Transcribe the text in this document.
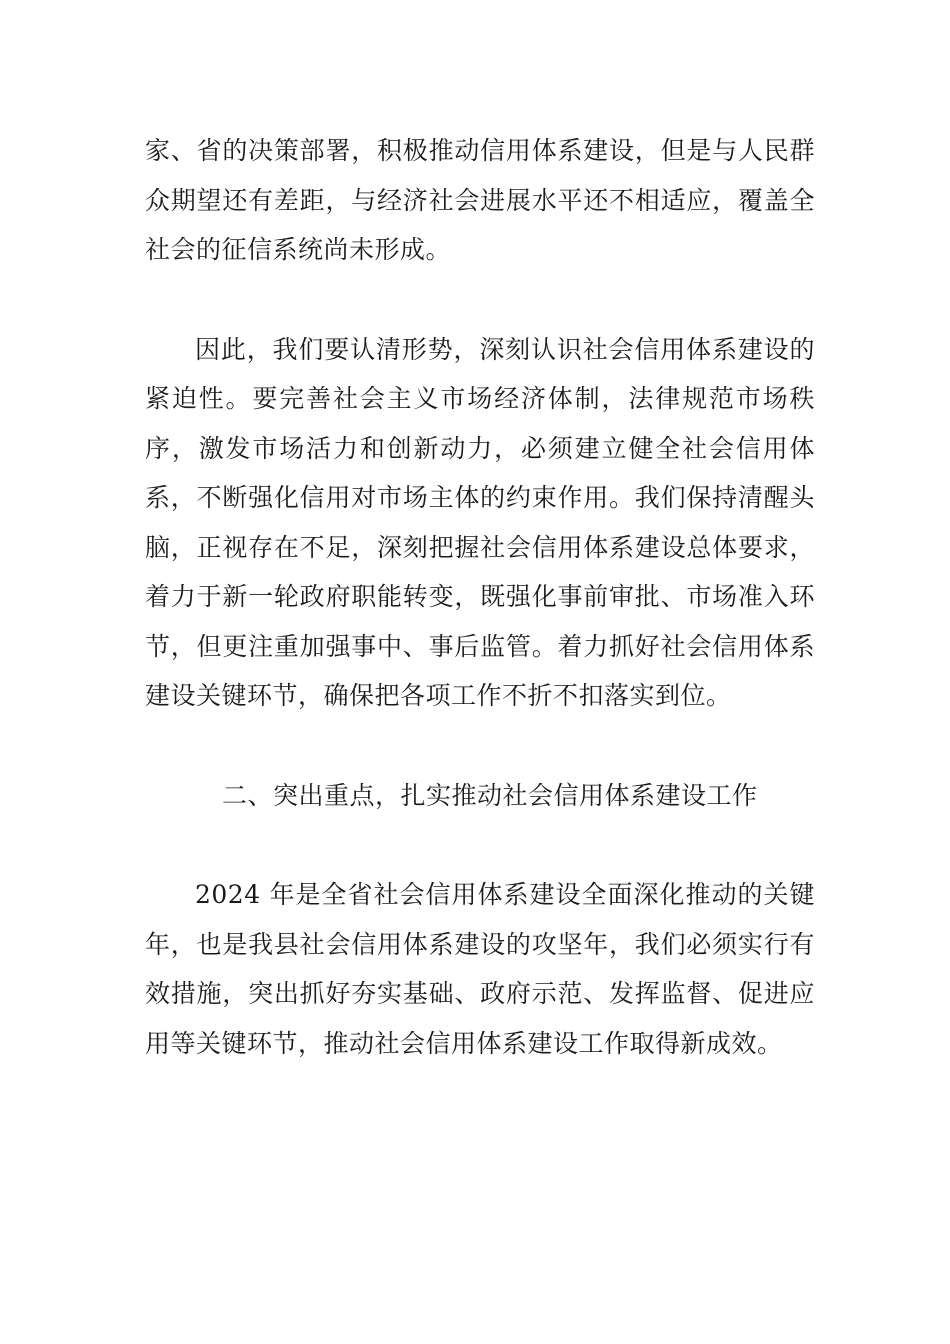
家、省的决策部署，积极推动信用体系建设，但是与人民群众期望还有差距，与经济社会进展水平还不相适应，覆盖全社会的征信系统尚未形成。

因此，我们要认清形势，深刻认识社会信用体系建设的紧迫性。要完善社会主义市场经济体制，法律规范市场秩序，激发市场活力和创新动力，必须建立健全社会信用体系，不断强化信用对市场主体的约束作用。我们保持清醒头脑，正视存在不足，深刻把握社会信用体系建设总体要求，着力于新一轮政府职能转变，既强化事前审批、市场准入环节，但更注重加强事中、事后监管。着力抓好社会信用体系建设关键环节，确保把各项工作不折不扣落实到位。

二、突出重点，扎实推动社会信用体系建设工作

2024 年是全省社会信用体系建设全面深化推动的关键年，也是我县社会信用体系建设的攻坚年，我们必须实行有效措施，突出抓好夯实基础、政府示范、发挥监督、促进应用等关键环节，推动社会信用体系建设工作取得新成效。
